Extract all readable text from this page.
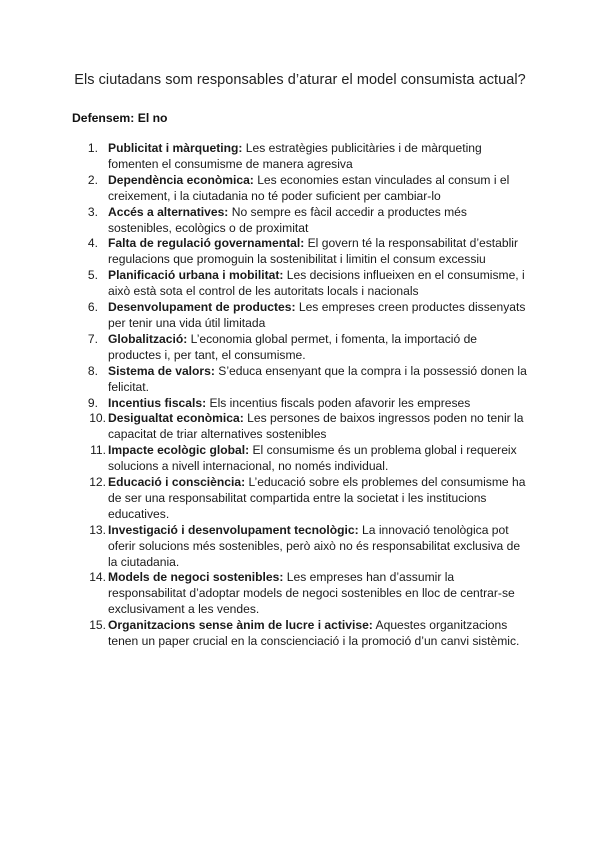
Els ciutadans som responsables d’aturar el model consumista actual?
Defensem: El no
1. Publicitat i màrqueting: Les estratègies publicitàries i de màrqueting fomenten el consumisme de manera agresiva
2. Dependència econòmica: Les economies estan vinculades al consum i el creixement, i la ciutadania no té poder suficient per cambiar-lo
3. Accés a alternatives: No sempre es fàcil accedir a productes més sostenibles, ecològics o de proximitat
4. Falta de regulació governamental: El govern té la responsabilitat d’establir regulacions que promoguin la sostenibilitat i limitin el consum excessiu
5. Planificació urbana i mobilitat: Les decisions influeixen en el consumisme, i això està sota el control de les autoritats locals i nacionals
6. Desenvolupament de productes: Les empreses creen productes dissenyats per tenir una vida útil limitada
7. Globalització: L’economia global permet, i fomenta, la importació de productes i, per tant, el consumisme.
8. Sistema de valors: S’educa ensenyant que la compra i la possessió donen la felicitat.
9. Incentius fiscals: Els incentius fiscals poden afavorir les empreses
10. Desigualtat econòmica: Les persones de baixos ingressos poden no tenir la capacitat de triar alternatives sostenibles
11. Impacte ecològic global: El consumisme és un problema global i requereix solucions a nivell internacional, no només individual.
12. Educació i consciència: L’educació sobre els problemes del consumisme ha de ser una responsabilitat compartida entre la societat i les institucions educatives.
13. Investigació i desenvolupament tecnològic: La innovació tenològica pot oferir solucions més sostenibles, però això no és responsabilitat exclusiva de la ciutadania.
14. Models de negoci sostenibles: Les empreses han d’assumir la responsabilitat d’adoptar models de negoci sostenibles en lloc de centrar-se exclusivament a les vendes.
15. Organitzacions sense ànim de lucre i activise: Aquestes organitzacions tenen un paper crucial en la conscienciació i la promoció d’un canvi sistèmic.
